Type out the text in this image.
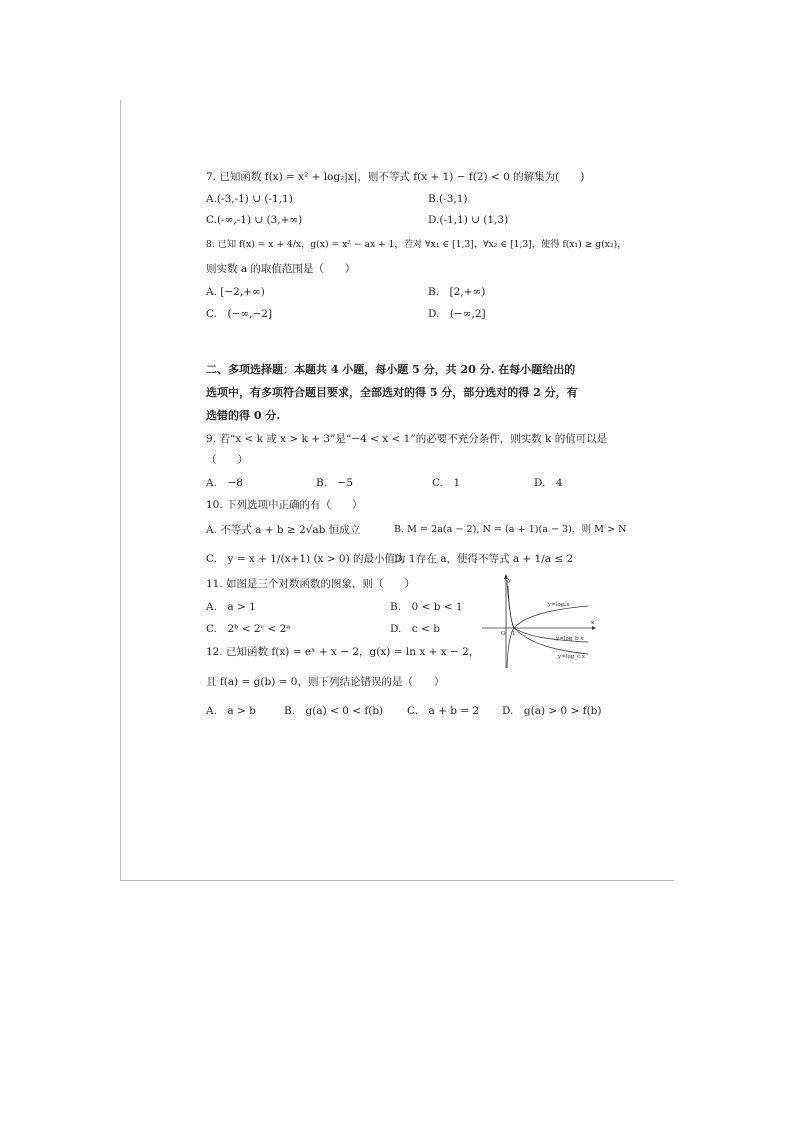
7. 已知函数 f(x) = x² + log₂|x|，则不等式 f(x + 1) − f(2) < 0 的解集为(　　)
A.(-3,-1) ∪ (-1,1)	B.(-3,1)
C.(-∞,-1) ∪ (3,+∞)	D.(-1,1) ∪ (1,3)
8. 已知 f(x) = x + 4/x，g(x) = x² − ax + 1，若对 ∀x₁ ∈ [1,3]，∀x₂ ∈ [1,3]，使得 f(x₁) ≥ g(x₂)，
则实数 a 的取值范围是（　　）
A. [−2,+∞)	B.　[2,+∞)
C.　(−∞,−2]	D.　(−∞,2]
二、多项选择题：本题共 4 小题，每小题 5 分，共 20 分. 在每小题给出的
选项中，有多项符合题目要求，全部选对的得 5 分，部分选对的得 2 分，有
选错的得 0 分.
9. 若“x < k 或 x > k + 3”是“−4 < x < 1”的必要不充分条件，则实数 k 的值可以是
（　　）
A.　−8	B.　−5	C.　1	D.　4
10. 下列选项中正确的有（　　）
A. 不等式 a + b ≥ 2√ab 恒成立	B. M = 2a(a − 2), N = (a + 1)(a − 3)，则 M > N
C.　y = x + 1/(x+1) (x > 0) 的最小值为 1
D.　存在 a，使得不等式 a + 1/a ≤ 2
11. 如图是三个对数函数的图象，则（　　）
A.　a > 1	B.　0 < b < 1
C.　2ᵇ < 2ᶜ < 2ᵃ	D.　c < b
y
x
O 1
y=logₐx
y=log_b x
y=log_c x
12. 已知函数 f(x) = eˣ + x − 2，g(x) = ln x + x − 2，
且 f(a) = g(b) = 0，则下列结论错误的是（　　）
A.　a > b	B.　g(a) < 0 < f(b) C.　a + b = 2 D.　g(a) > 0 > f(b)
